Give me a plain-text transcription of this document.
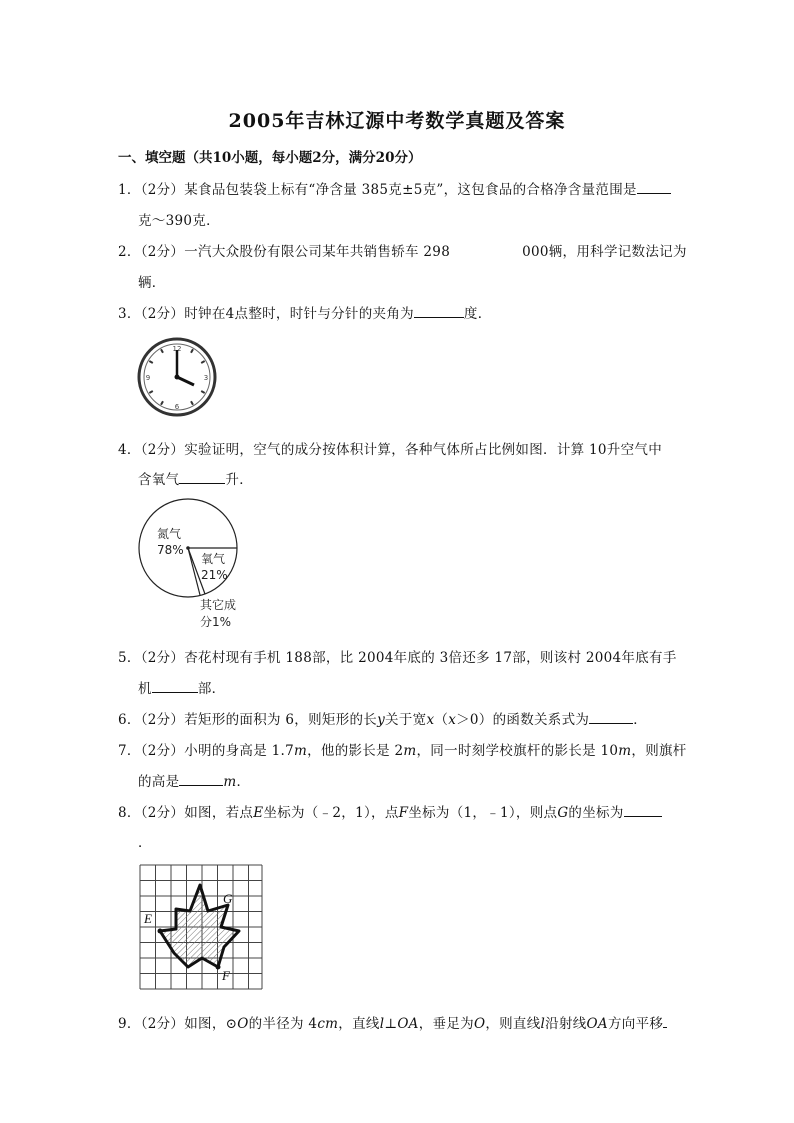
2005年吉林辽源中考数学真题及答案
一、填空题（共10小题，每小题2分，满分20分）
1．（2分）某食品包装袋上标有“净含量 385克±5克”，这包食品的合格净含量范围是
克～390克．
2．（2分）一汽大众股份有限公司某年共销售轿车 298	000辆，用科学记数法记为
辆．
3．（2分）时钟在4点整时，时针与分针的夹角为	度．
12
3
6
9
4．（2分）实验证明，空气的成分按体积计算，各种气体所占比例如图．计算 10升空气中
含氧气	升．
氮气
78%
氧气
21%
其它成
分1%
5．（2分）杏花村现有手机 188部，比 2004年底的 3倍还多 17部，则该村 2004年底有手
机	部．
6．（2分）若矩形的面积为 6，则矩形的长y关于宽x（x＞0）的函数关系式为	．
7．（2分）小明的身高是 1.7m，他的影长是 2m，同一时刻学校旗杆的影长是 10m，则旗杆
的高是	m．
8．（2分）如图，若点E坐标为（﹣2，1），点F坐标为（1，﹣1），则点G的坐标为
．
E
G
F
9．（2分）如图，⊙O的半径为 4cm，直线l⊥OA，垂足为O，则直线l沿射线OA方向平移
